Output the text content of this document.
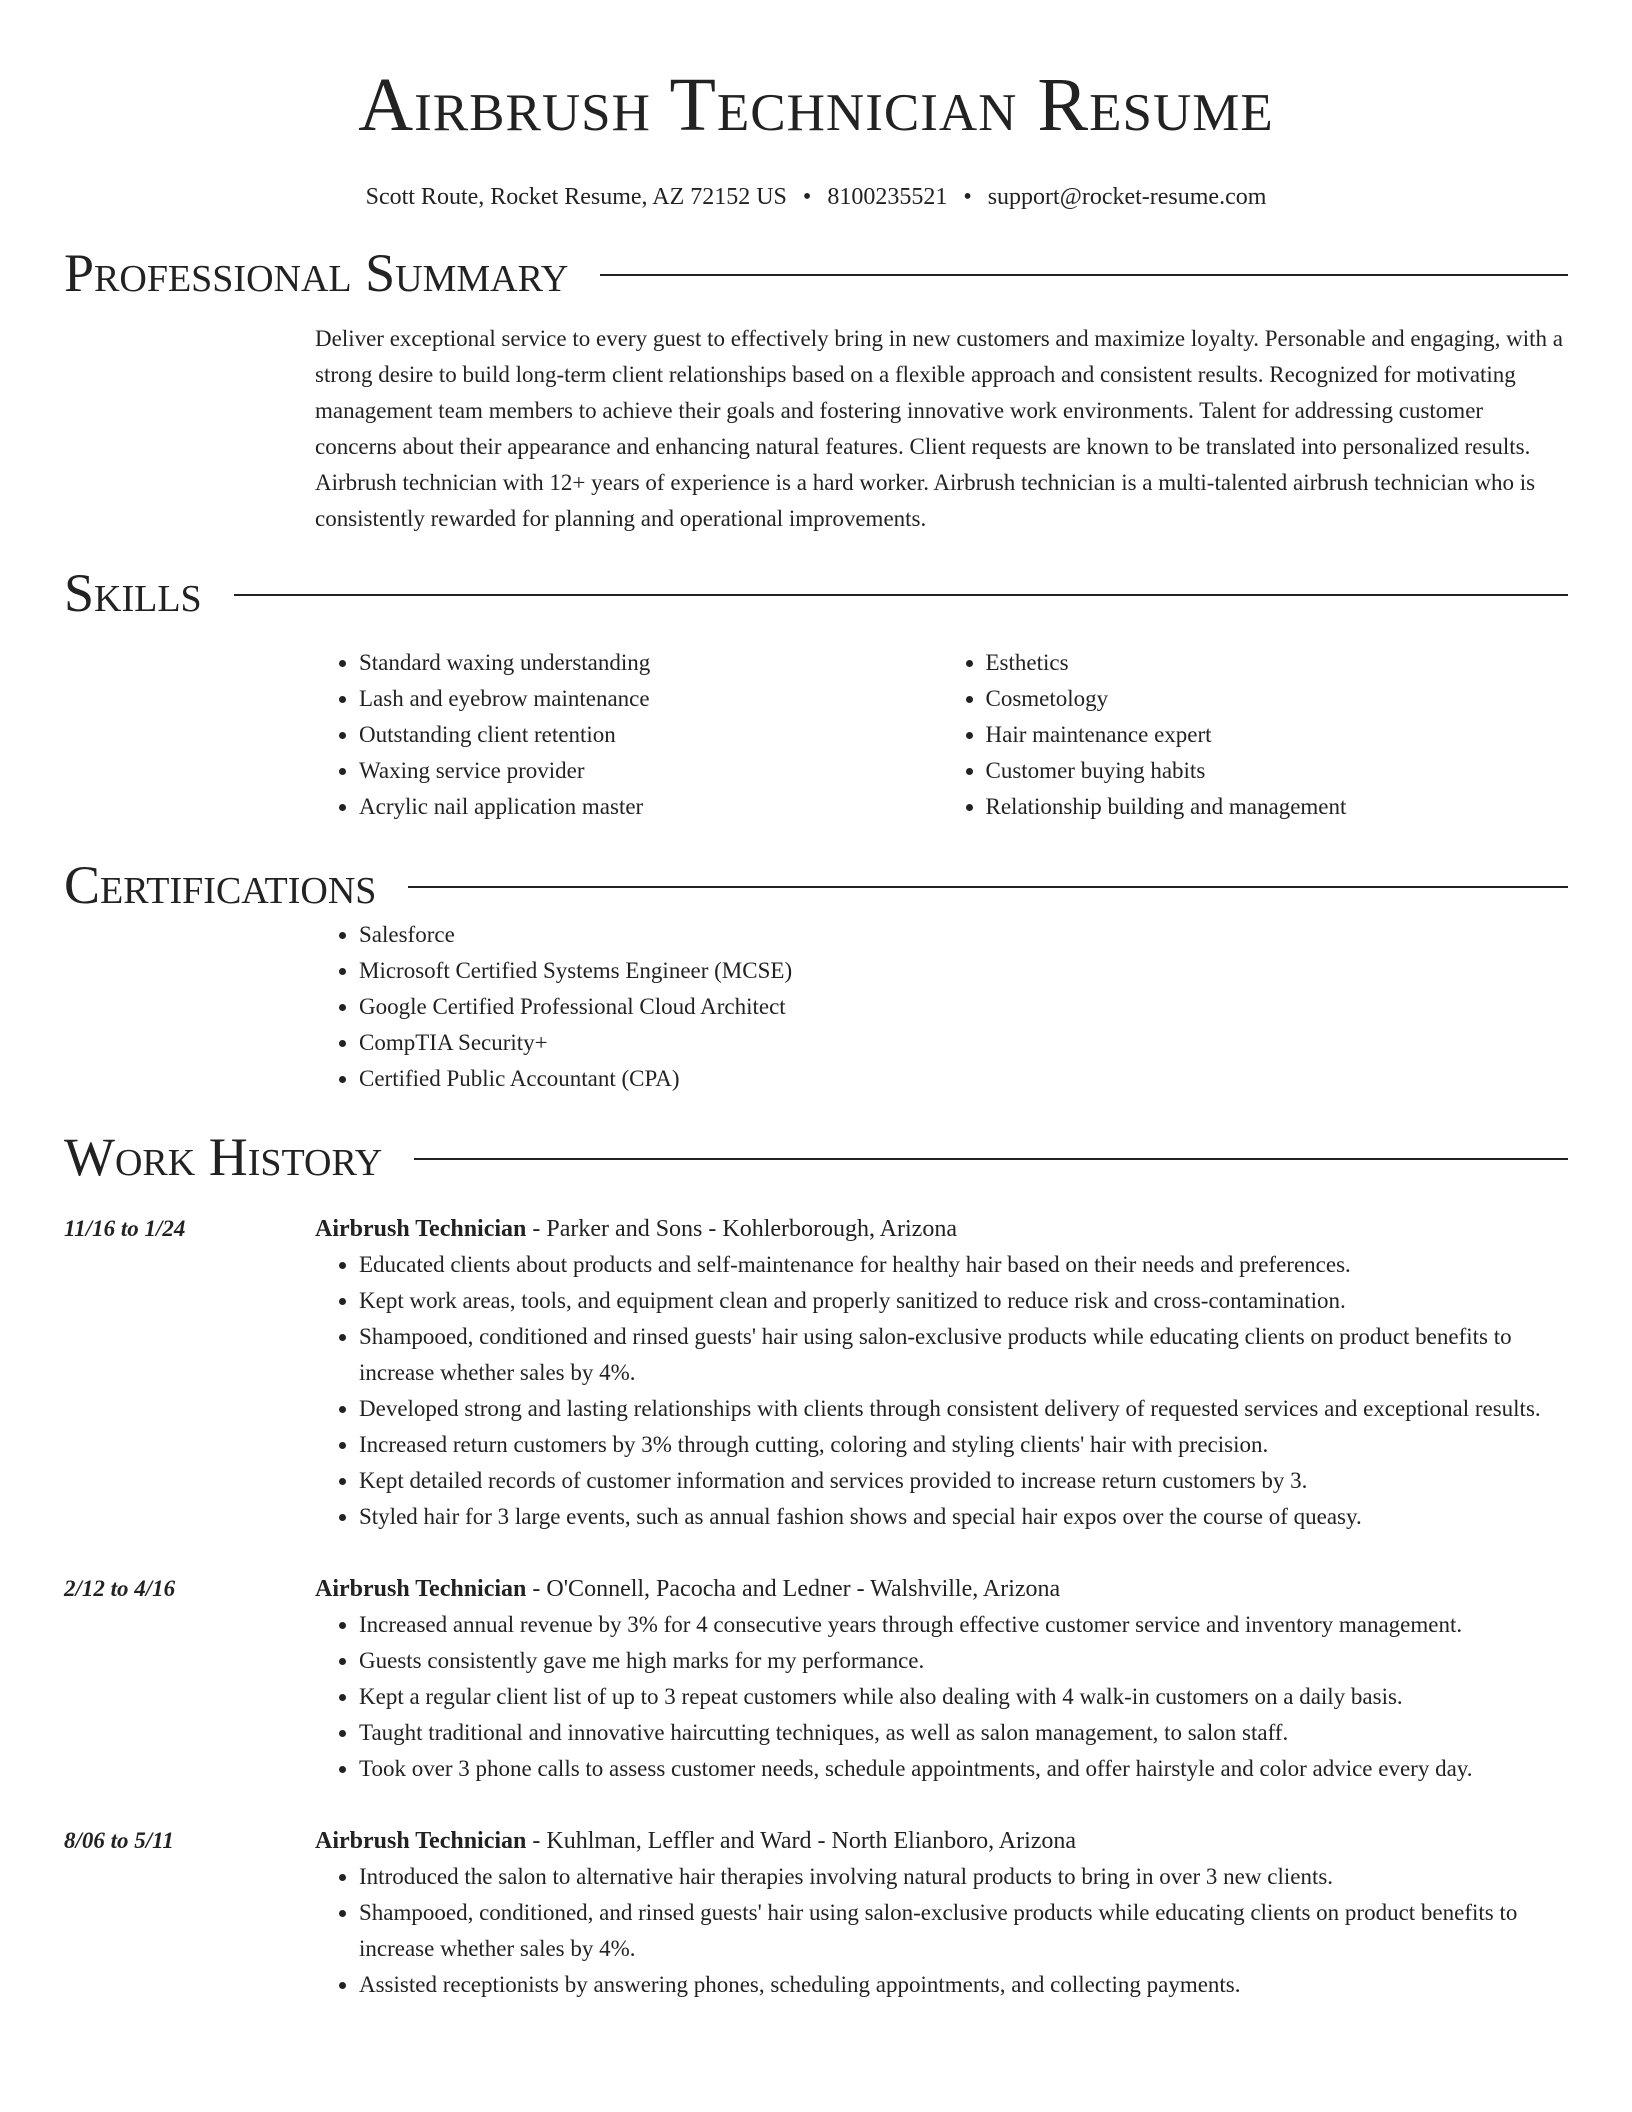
Airbrush Technician Resume
Scott Route, Rocket Resume, AZ 72152 US • 8100235521 • support@rocket-resume.com
Professional Summary

Deliver exceptional service to every guest to effectively bring in new customers and maximize loyalty. Personable and engaging, with a strong desire to build long-term client relationships based on a flexible approach and consistent results. Recognized for motivating management team members to achieve their goals and fostering innovative work environments. Talent for addressing customer concerns about their appearance and enhancing natural features. Client requests are known to be translated into personalized results. Airbrush technician with 12+ years of experience is a hard worker. Airbrush technician is a multi-talented airbrush technician who is consistently rewarded for planning and operational improvements.

Skills
• Standard waxing understanding
• Lash and eyebrow maintenance
• Outstanding client retention
• Waxing service provider
• Acrylic nail application master
• Esthetics
• Cosmetology
• Hair maintenance expert
• Customer buying habits
• Relationship building and management
Certifications
• Salesforce
• Microsoft Certified Systems Engineer (MCSE)
• Google Certified Professional Cloud Architect
• CompTIA Security+
• Certified Public Accountant (CPA)
Work History
11/16 to 1/24	Airbrush Technician - Parker and Sons - Kohlerborough, Arizona
• Educated clients about products and self-maintenance for healthy hair based on their needs and preferences.
• Kept work areas, tools, and equipment clean and properly sanitized to reduce risk and cross-contamination.
• Shampooed, conditioned and rinsed guests' hair using salon-exclusive products while educating clients on product benefits to increase whether sales by 4%.
• Developed strong and lasting relationships with clients through consistent delivery of requested services and exceptional results.
• Increased return customers by 3% through cutting, coloring and styling clients' hair with precision.
• Kept detailed records of customer information and services provided to increase return customers by 3.
• Styled hair for 3 large events, such as annual fashion shows and special hair expos over the course of queasy.
2/12 to 4/16	Airbrush Technician - O'Connell, Pacocha and Ledner - Walshville, Arizona
• Increased annual revenue by 3% for 4 consecutive years through effective customer service and inventory management.
• Guests consistently gave me high marks for my performance.
• Kept a regular client list of up to 3 repeat customers while also dealing with 4 walk-in customers on a daily basis.
• Taught traditional and innovative haircutting techniques, as well as salon management, to salon staff.
• Took over 3 phone calls to assess customer needs, schedule appointments, and offer hairstyle and color advice every day.
8/06 to 5/11	Airbrush Technician - Kuhlman, Leffler and Ward - North Elianboro, Arizona
• Introduced the salon to alternative hair therapies involving natural products to bring in over 3 new clients.
• Shampooed, conditioned, and rinsed guests' hair using salon-exclusive products while educating clients on product benefits to increase whether sales by 4%.
• Assisted receptionists by answering phones, scheduling appointments, and collecting payments.
